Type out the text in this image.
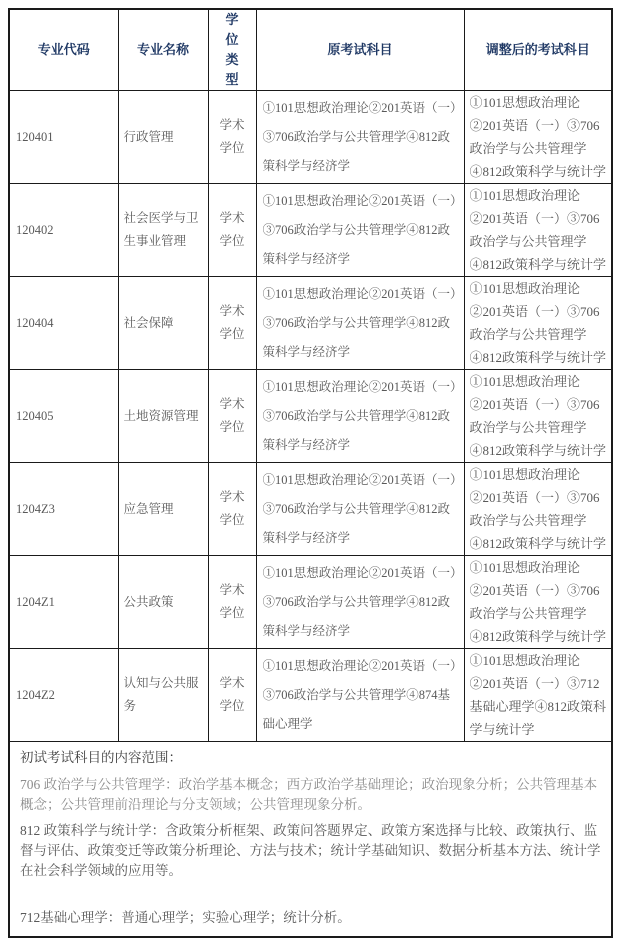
专业代码	专业名称	学位类型	原考试科目	调整后的考试科目
120401	行政管理	学术学位	①101思想政治理论②201英语（一）③706政治学与公共管理学④812政策科学与经济学	①101思想政治理论②201英语（一）③706政治学与公共管理学④812政策科学与统计学
120402	社会医学与卫生事业管理	学术学位	①101思想政治理论②201英语（一）③706政治学与公共管理学④812政策科学与经济学	①101思想政治理论②201英语（一）③706政治学与公共管理学④812政策科学与统计学
120404	社会保障	学术学位	①101思想政治理论②201英语（一）③706政治学与公共管理学④812政策科学与经济学	①101思想政治理论②201英语（一）③706政治学与公共管理学④812政策科学与统计学
120405	土地资源管理	学术学位	①101思想政治理论②201英语（一）③706政治学与公共管理学④812政策科学与经济学	①101思想政治理论②201英语（一）③706政治学与公共管理学④812政策科学与统计学
1204Z3	应急管理	学术学位	①101思想政治理论②201英语（一）③706政治学与公共管理学④812政策科学与经济学	①101思想政治理论②201英语（一）③706政治学与公共管理学④812政策科学与统计学
1204Z1	公共政策	学术学位	①101思想政治理论②201英语（一）③706政治学与公共管理学④812政策科学与经济学	①101思想政治理论②201英语（一）③706政治学与公共管理学④812政策科学与统计学
1204Z2	认知与公共服务	学术学位	①101思想政治理论②201英语（一）③706政治学与公共管理学④874基础心理学	①101思想政治理论②201英语（一）③712基础心理学④812政策科学与统计学

初试考试科目的内容范围：

706 政治学与公共管理学：政治学基本概念；西方政治学基础理论；政治现象分析；公共管理基本概念；公共管理前沿理论与分支领域；公共管理现象分析。

812 政策科学与统计学：含政策分析框架、政策问答题界定、政策方案选择与比较、政策执行、监督与评估、政策变迁等政策分析理论、方法与技术；统计学基础知识、数据分析基本方法、统计学在社会科学领域的应用等。

712基础心理学：普通心理学；实验心理学；统计分析。				
